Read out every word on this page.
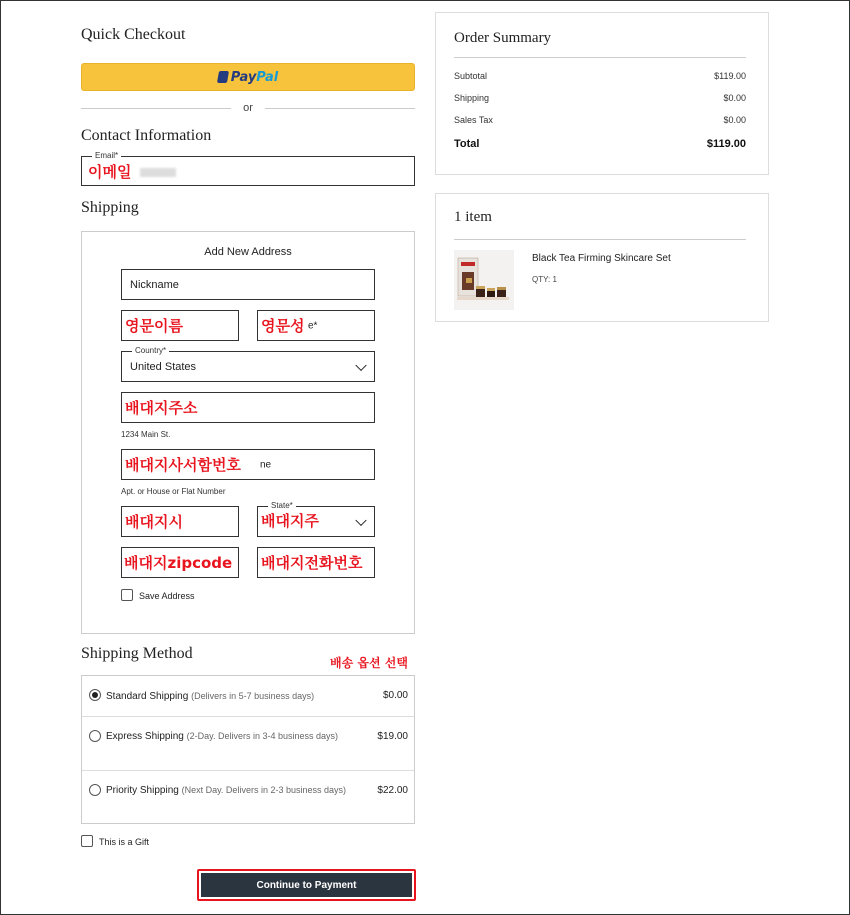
Quick Checkout
Pay Pal
or
Contact Information
Email*
이메일
Shipping
Add New Address
Nickname
영문이름	영문성 e*
Country*
United States
배대지주소
1234 Main St.
배대지사서함번호 ne
Apt. or House or Flat Number
배대지시
State*
배대지주
배대지zipcode 배대지전화번호
Save Address
Shipping Method
배송 옵션 선택
Standard Shipping (Delivers in 5-7 business days)	$0.00
Express Shipping (2-Day. Delivers in 3-4 business days)	$19.00
Priority Shipping (Next Day. Delivers in 2-3 business days)	$22.00
This is a Gift
Continue to Payment
Order Summary
Subtotal	$119.00
Shipping	$0.00
Sales Tax	$0.00
Total	$119.00
1 item
Black Tea Firming Skincare Set
QTY: 1
